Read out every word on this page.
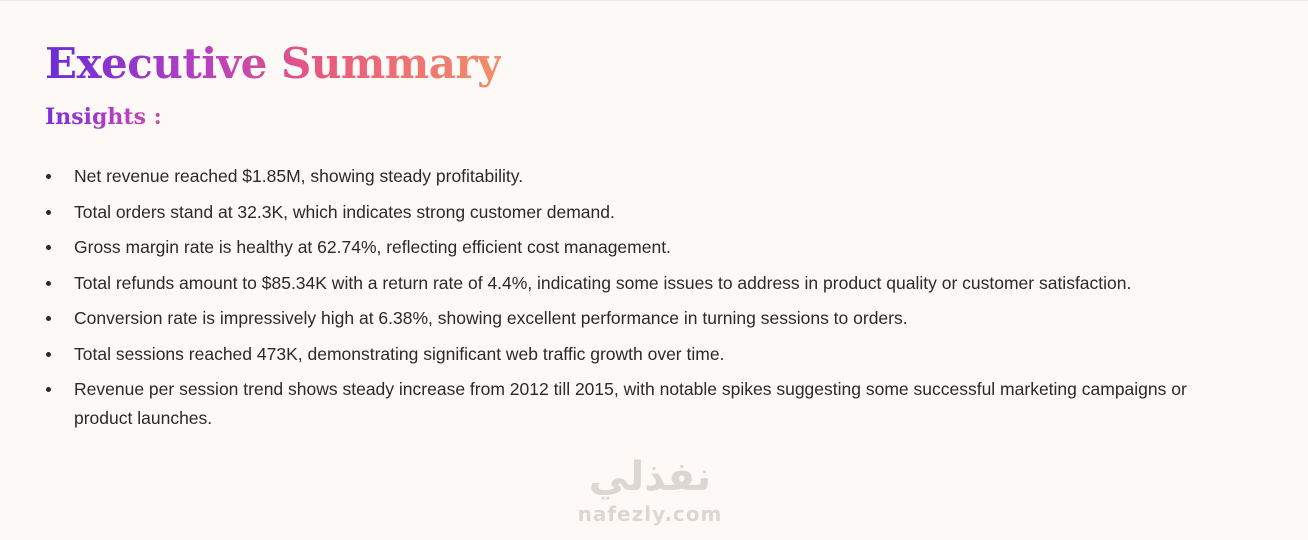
Executive Summary
Insights :
Net revenue reached $1.85M, showing steady profitability.
Total orders stand at 32.3K, which indicates strong customer demand.
Gross margin rate is healthy at 62.74%, reflecting efficient cost management.
Total refunds amount to $85.34K with a return rate of 4.4%, indicating some issues to address in product quality or customer satisfaction.
Conversion rate is impressively high at 6.38%, showing excellent performance in turning sessions to orders.
Total sessions reached 473K, demonstrating significant web traffic growth over time.
Revenue per session trend shows steady increase from 2012 till 2015, with notable spikes suggesting some successful marketing campaigns or product launches.
نفذلي
nafezly.com
